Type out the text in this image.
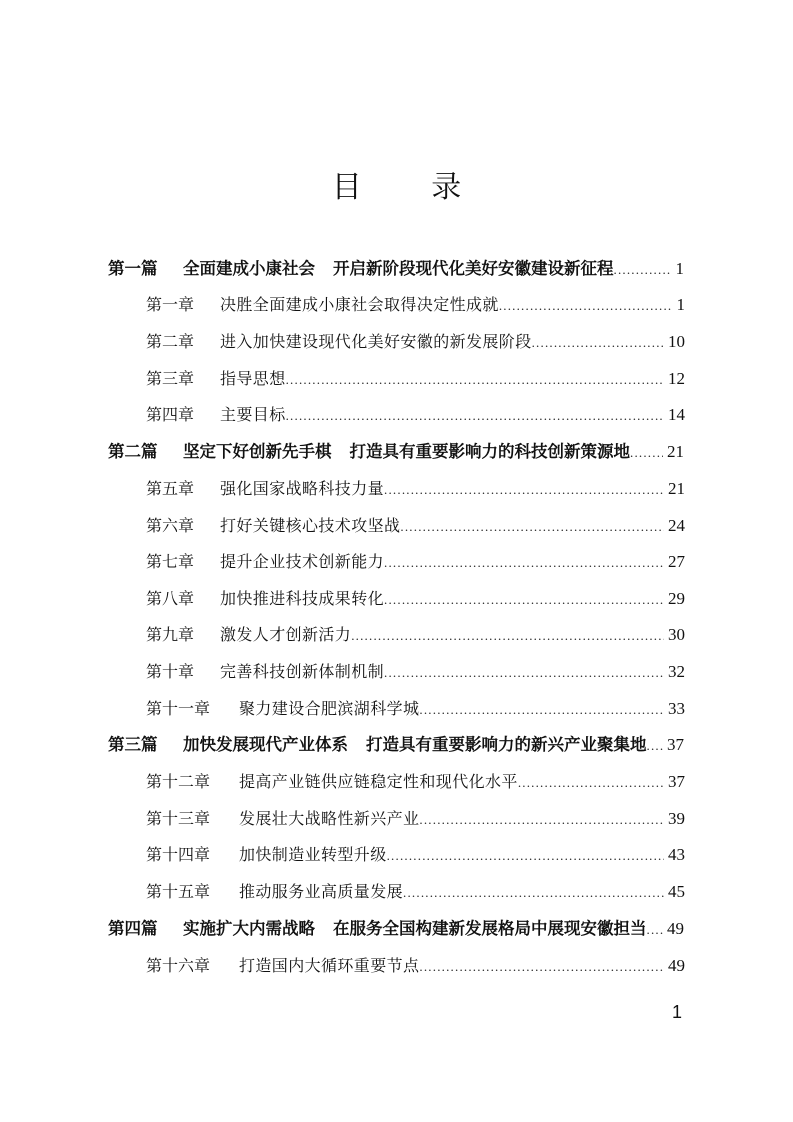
目 录
第一篇	全面建成小康社会 开启新阶段现代化美好安徽建设新征程 .....	1
第一章	决胜全面建成小康社会取得决定性成就 .....	1
第二章	进入加快建设现代化美好安徽的新发展阶段 .....	10
第三章	指导思想 .....	12
第四章	主要目标 .....	14
第二篇	坚定下好创新先手棋 打造具有重要影响力的科技创新策源地 ..... 21
第五章	强化国家战略科技力量 .....	21
第六章	打好关键核心技术攻坚战 .....	24
第七章	提升企业技术创新能力 .....	27
第八章	加快推进科技成果转化 .....	29
第九章	激发人才创新活力 .....	30
第十章	完善科技创新体制机制 .....	32
第十一章	聚力建设合肥滨湖科学城 .....	33
第三篇	加快发展现代产业体系 打造具有重要影响力的新兴产业聚集地 ..... 37
第十二章	提高产业链供应链稳定性和现代化水平 .....	37
第十三章	发展壮大战略性新兴产业 .....	39
第十四章	加快制造业转型升级 .....	43
第十五章	推动服务业高质量发展 .....	45
第四篇	实施扩大内需战略 在服务全国构建新发展格局中展现安徽担当 ..... 49
第十六章	打造国内大循环重要节点 .....	49
1
